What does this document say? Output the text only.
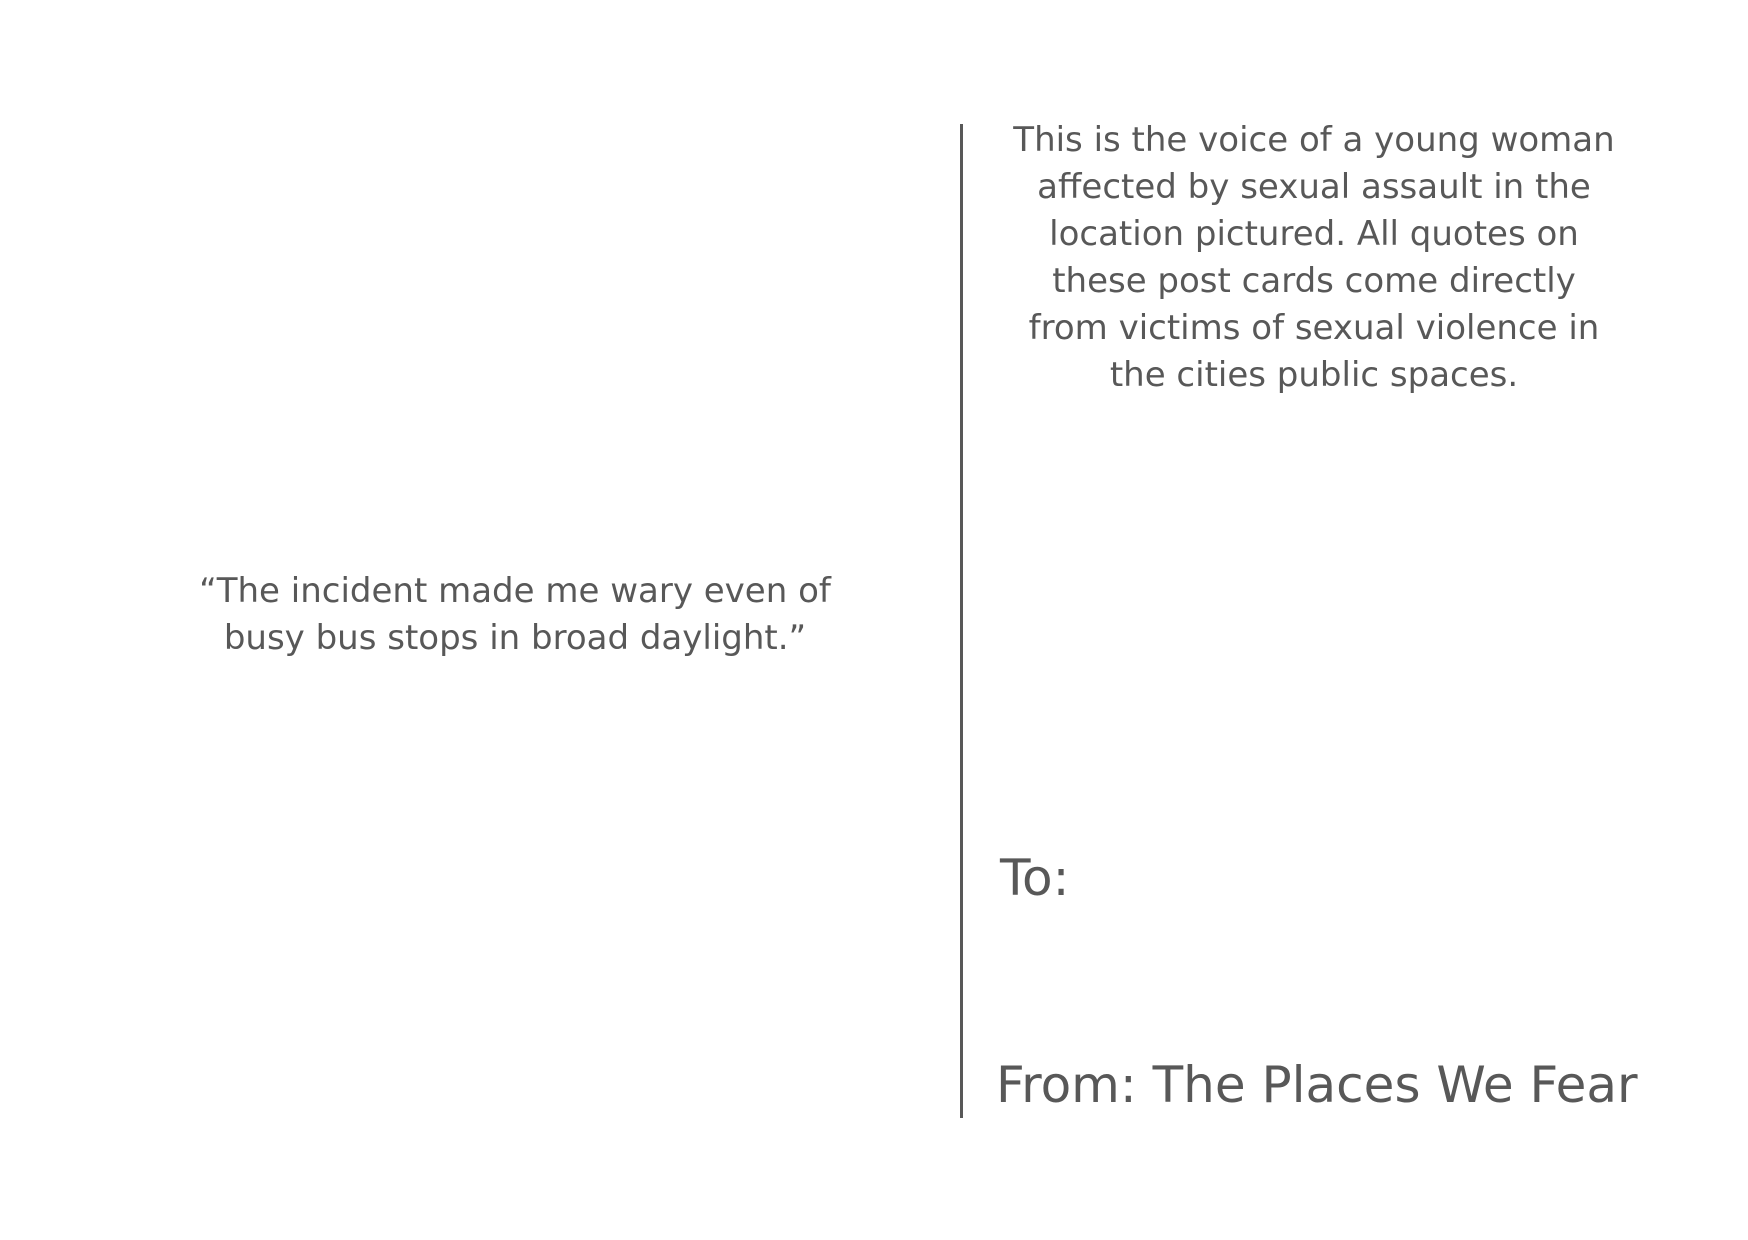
“The incident made me wary even of
busy bus stops in broad daylight.”

This is the voice of a young woman
affected by sexual assault in the
location pictured. All quotes on
these post cards come directly
from victims of sexual violence in
the cities public spaces.

To:

From: The Places We Fear
